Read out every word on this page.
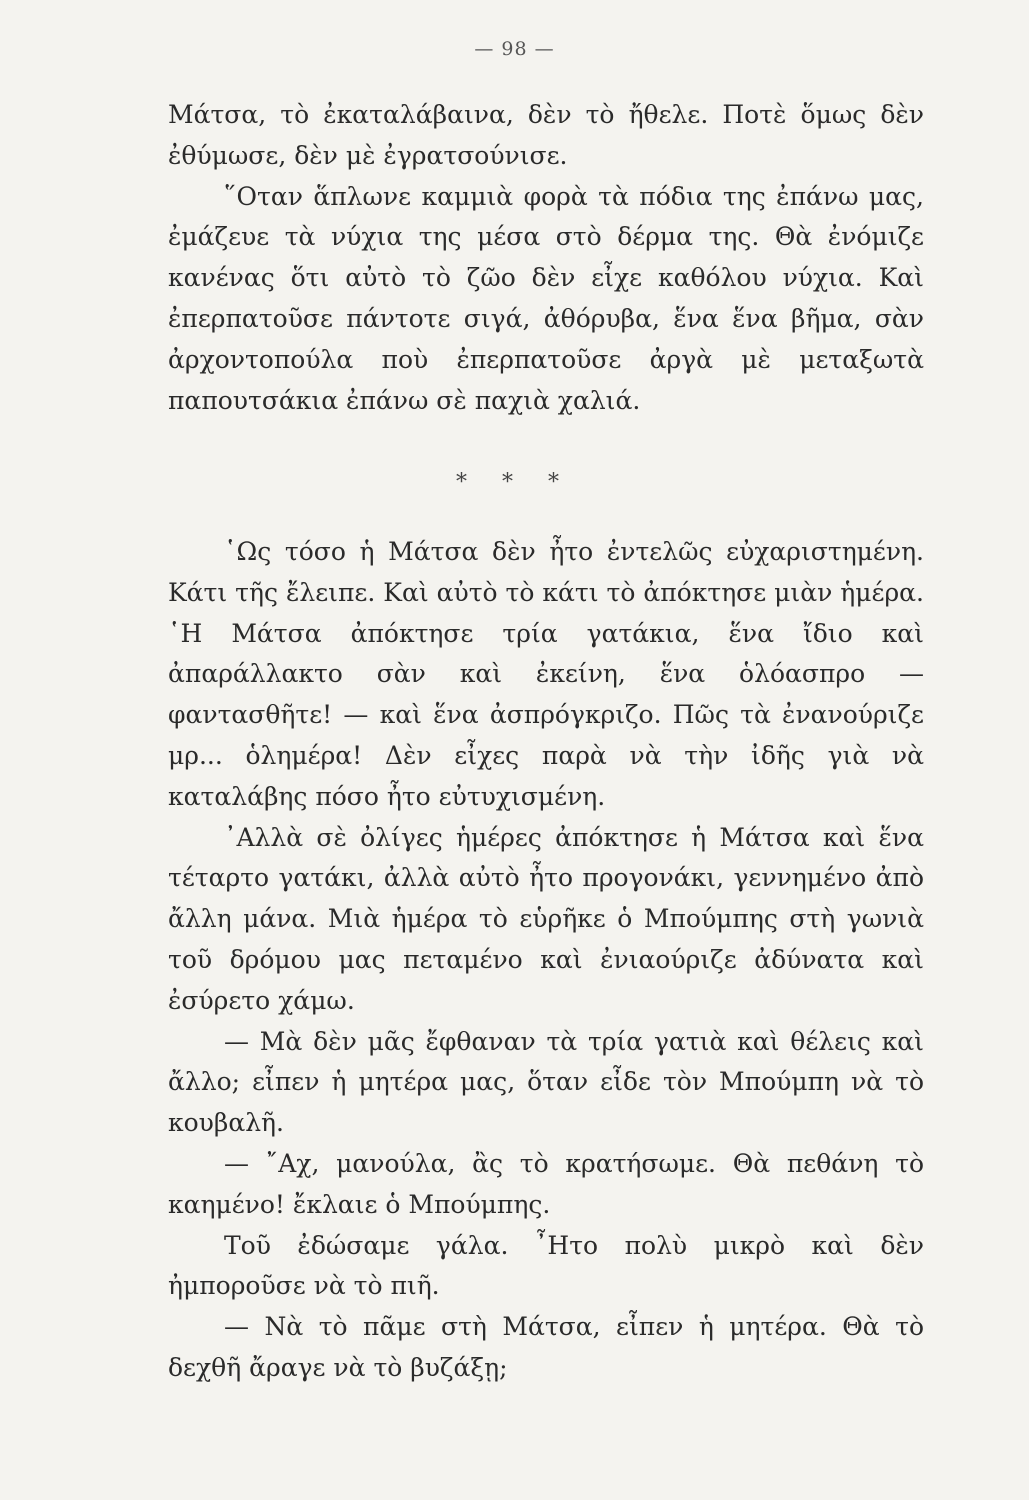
— 98 —

Μάτσα, τὸ ἐκαταλάβαινα, δὲν τὸ ἤθελε. Ποτὲ ὅμως δὲν ἐθύμωσε, δὲν μὲ ἐγρατσούνισε.

῞Οταν ἅπλωνε καμμιὰ φορὰ τὰ πόδια της ἐπάνω μας, ἐμάζευε τὰ νύχια της μέσα στὸ δέρμα της. Θὰ ἐνόμιζε κανένας ὅτι αὐτὸ τὸ ζῶο δὲν εἶχε καθόλου νύχια. Καὶ ἐπερπατοῦσε πάντοτε σιγά, ἀθόρυβα, ἕνα ἕνα βῆμα, σὰν ἀρχοντοπούλα ποὺ ἐπερπατοῦσε ἀργὰ μὲ μεταξωτὰ παπουτσάκια ἐπάνω σὲ παχιὰ χαλιά.

* * *

῾Ως τόσο ἡ Μάτσα δὲν ἦτο ἐντελῶς εὐχαριστημένη. Κάτι τῆς ἔλειπε. Καὶ αὐτὸ τὸ κάτι τὸ ἀπόκτησε μιὰν ἡμέρα. ῾Η Μάτσα ἀπόκτησε τρία γατάκια, ἕνα ἴδιο καὶ ἀπαράλλακτο σὰν καὶ ἐκείνη, ἕνα ὁλόασπρο — φαντασθῆτε! — καὶ ἕνα ἀσπρόγκριζο. Πῶς τὰ ἐνανούριζε μρ... ὁλημέρα! Δὲν εἶχες παρὰ νὰ τὴν ἰδῆς γιὰ νὰ καταλάβης πόσο ἦτο εὐτυχισμένη.

᾿Αλλὰ σὲ ὀλίγες ἡμέρες ἀπόκτησε ἡ Μάτσα καὶ ἕνα τέταρτο γατάκι, ἀλλὰ αὐτὸ ἦτο προγονάκι, γεννημένο ἀπὸ ἄλλη μάνα. Μιὰ ἡμέρα τὸ εὑρῆκε ὁ Μπούμπης στὴ γωνιὰ τοῦ δρόμου μας πεταμένο καὶ ἐνιαούριζε ἀδύνατα καὶ ἐσύρετο χάμω.

— Μὰ δὲν μᾶς ἔφθαναν τὰ τρία γατιὰ καὶ θέλεις καὶ ἄλλο; εἶπεν ἡ μητέρα μας, ὅταν εἶδε τὸν Μπούμπη νὰ τὸ κουβαλῆ.

— ῎Αχ, μανούλα, ἂς τὸ κρατήσωμε. Θὰ πεθάνη τὸ καημένο! ἔκλαιε ὁ Μπούμπης.

Τοῦ ἐδώσαμε γάλα. ῏Ητο πολὺ μικρὸ καὶ δὲν ἠμποροῦσε νὰ τὸ πιῆ.

— Νὰ τὸ πᾶμε στὴ Μάτσα, εἶπεν ἡ μητέρα. Θὰ τὸ δεχθῆ ἄραγε νὰ τὸ βυζάξῃ;
